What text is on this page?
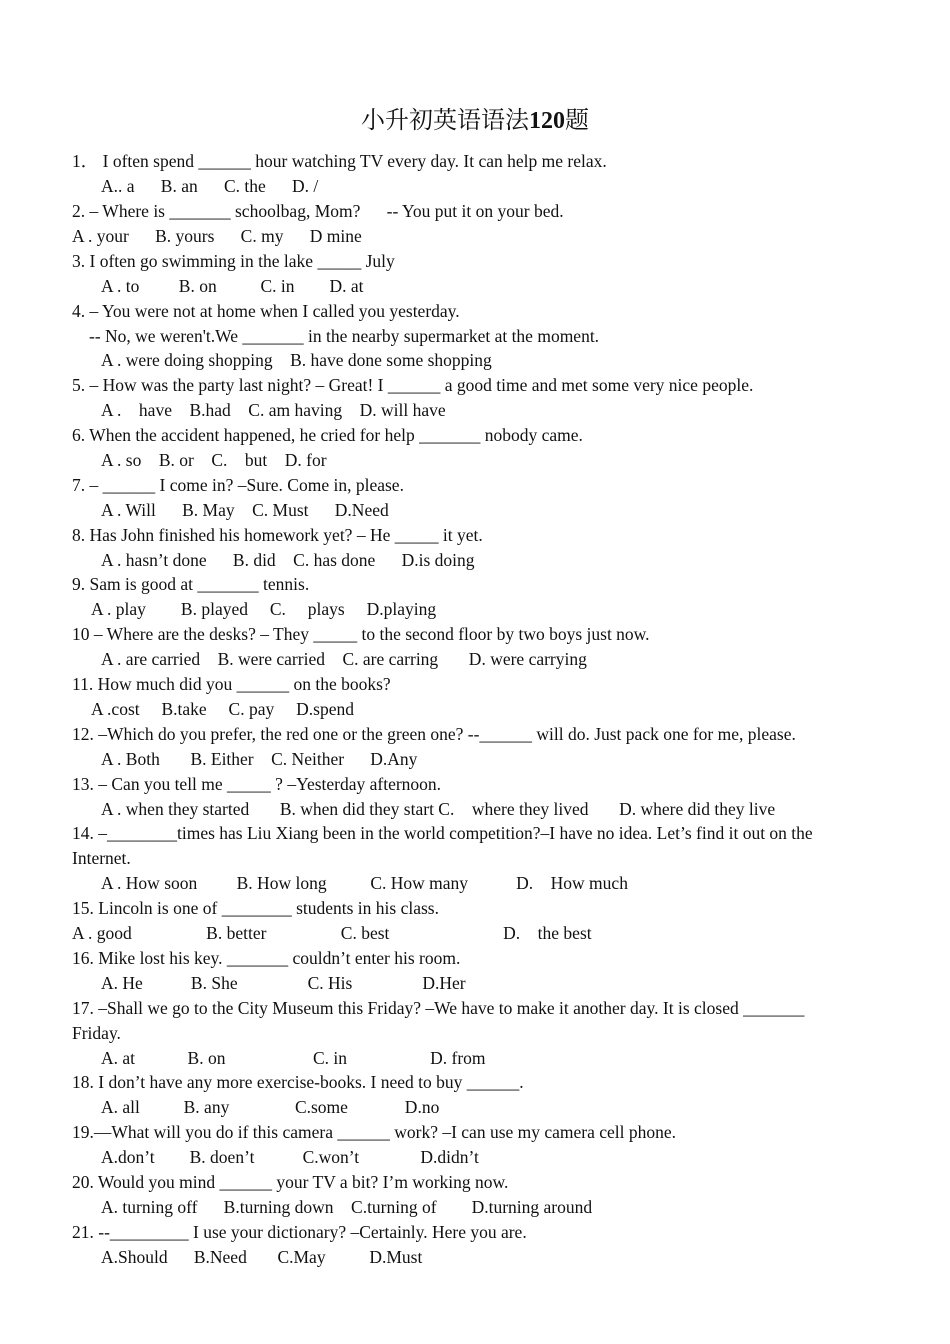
小升初英语语法120题
1． I often spend ______ hour watching TV every day. It can help me relax.
A.. a      B. an      C. the      D. /
2. – Where is _______ schoolbag, Mom?      -- You put it on your bed.
A . your      B. yours      C. my      D mine
3. I often go swimming in the lake _____ July
A . to         B. on          C. in        D. at
4. – You were not at home when I called you yesterday.
-- No, we weren't.We _______ in the nearby supermarket at the moment.
A . were doing shopping    B. have done some shopping
5. – How was the party last night? – Great! I ______ a good time and met some very nice people.
A .    have    B.had    C. am having    D. will have
6. When the accident happened, he cried for help _______ nobody came.
A . so    B. or    C.    but    D. for
7. – ______ I come in? –Sure. Come in, please.
A . Will      B. May    C. Must      D.Need
8. Has John finished his homework yet? – He _____ it yet.
A . hasn’t done      B. did    C. has done      D.is doing
9. Sam is good at _______ tennis.
A . play        B. played     C.     plays     D.playing
10 – Where are the desks? – They _____ to the second floor by two boys just now.
A . are carried    B. were carried    C. are carring       D. were carrying
11. How much did you ______ on the books?
A .cost     B.take     C. pay     D.spend
12. –Which do you prefer, the red one or the green one? --______ will do. Just pack one for me, please.
A . Both       B. Either    C. Neither      D.Any
13. – Can you tell me _____ ? –Yesterday afternoon.
A . when they started       B. when did they start C.    where they lived       D. where did they live
14. –________times has Liu Xiang been in the world competition?–I have no idea. Let’s find it out on the
Internet.
A . How soon         B. How long          C. How many           D.    How much
15. Lincoln is one of ________ students in his class.
A . good                 B. better                 C. best                          D.    the best
16. Mike lost his key. _______ couldn’t enter his room.
A. He           B. She                C. His                D.Her
17. –Shall we go to the City Museum this Friday? –We have to make it another day. It is closed _______
Friday.
A. at            B. on                    C. in                   D. from
18. I don’t have any more exercise-books. I need to buy ______.
A. all          B. any               C.some             D.no
19.—What will you do if this camera ______ work? –I can use my camera cell phone.
A.don’t        B. doen’t           C.won’t              D.didn’t
20. Would you mind ______ your TV a bit? I’m working now.
A. turning off      B.turning down    C.turning of        D.turning around
21. --_________ I use your dictionary? –Certainly. Here you are.
A.Should      B.Need       C.May          D.Must
